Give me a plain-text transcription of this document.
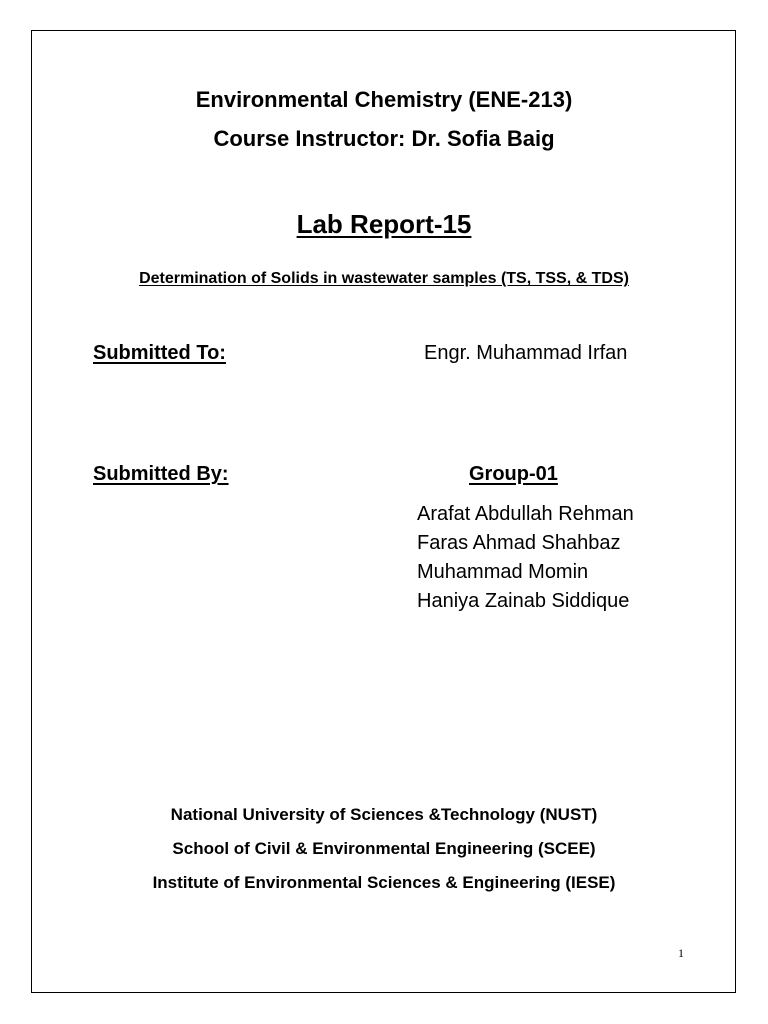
Environmental Chemistry (ENE-213)
Course Instructor: Dr. Sofia Baig
Lab Report-15
Determination of Solids in wastewater samples (TS, TSS, & TDS)
Submitted To:	Engr. Muhammad Irfan
Submitted By:	Group-01
Arafat Abdullah Rehman
Faras Ahmad Shahbaz
Muhammad Momin
Haniya Zainab Siddique
National University of Sciences &Technology (NUST)
School of Civil & Environmental Engineering (SCEE)
Institute of Environmental Sciences & Engineering (IESE)
1
